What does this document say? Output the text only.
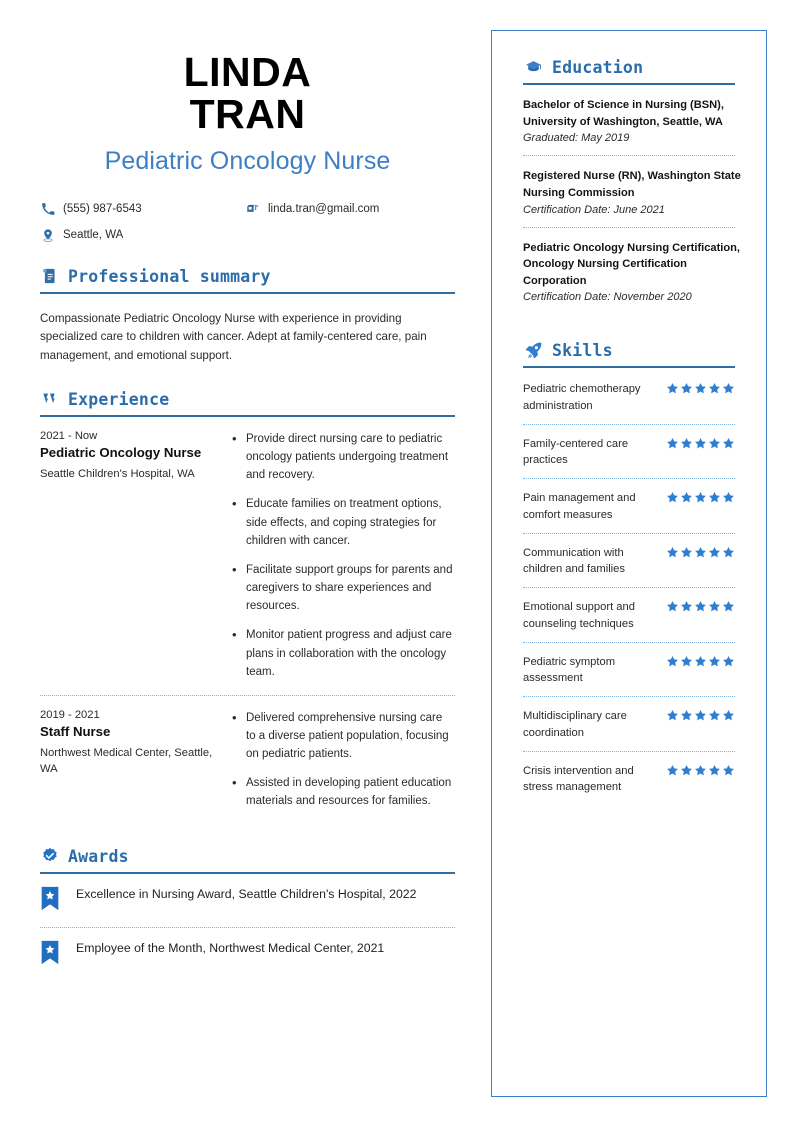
LINDA
TRAN
Pediatric Oncology Nurse
(555) 987-6543	linda.tran@gmail.com
Seattle, WA
Professional summary
Compassionate Pediatric Oncology Nurse with experience in providing specialized care to children with cancer. Adept at family-centered care, pain management, and emotional support.
Experience
2021 - Now
Pediatric Oncology Nurse
Seattle Children's Hospital, WA
• Provide direct nursing care to pediatric oncology patients undergoing treatment and recovery.
• Educate families on treatment options, side effects, and coping strategies for children with cancer.
• Facilitate support groups for parents and caregivers to share experiences and resources.
• Monitor patient progress and adjust care plans in collaboration with the oncology team.
2019 - 2021
Staff Nurse
Northwest Medical Center, Seattle, WA
• Delivered comprehensive nursing care to a diverse patient population, focusing on pediatric patients.
• Assisted in developing patient education materials and resources for families.
Awards
Excellence in Nursing Award, Seattle Children's Hospital, 2022
Employee of the Month, Northwest Medical Center, 2021
Education
Bachelor of Science in Nursing (BSN), University of Washington, Seattle, WA
Graduated: May 2019
Registered Nurse (RN), Washington State Nursing Commission
Certification Date: June 2021
Pediatric Oncology Nursing Certification, Oncology Nursing Certification Corporation
Certification Date: November 2020
Skills
Pediatric chemotherapy administration
Family-centered care practices
Pain management and comfort measures
Communication with children and families
Emotional support and counseling techniques
Pediatric symptom assessment
Multidisciplinary care coordination
Crisis intervention and stress management
